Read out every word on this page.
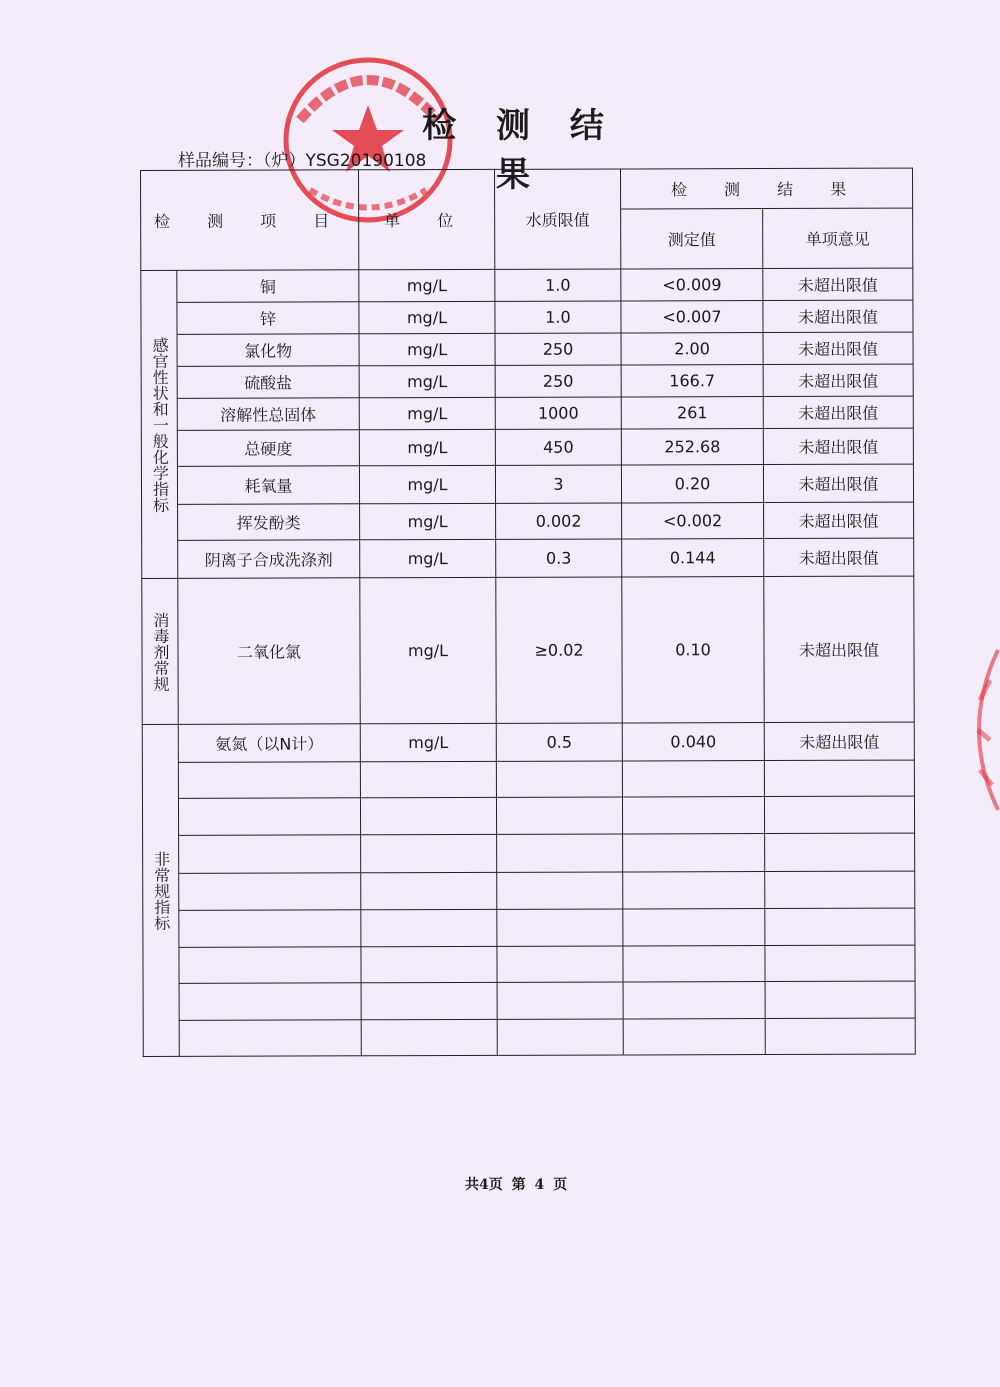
检 测 结 果
样品编号：（炉）YSG20190108
检 测 项 目		单 位	水质限值	检 测 结 果	
				测定值	单项意见
感官性状和一般化学指标	铜	mg/L	1.0	<0.009	未超出限值
	锌	mg/L	1.0	<0.007	未超出限值
	氯化物	mg/L	250	2.00	未超出限值
	硫酸盐	mg/L	250	166.7	未超出限值
	溶解性总固体	mg/L	1000	261	未超出限值
	总硬度	mg/L	450	252.68	未超出限值
	耗氧量	mg/L	3	0.20	未超出限值
	挥发酚类	mg/L	0.002	<0.002	未超出限值
	阴离子合成洗涤剂	mg/L	0.3	0.144	未超出限值
消毒剂常规	二氧化氯	mg/L	≥0.02	0.10	未超出限值
非常规指标	氨氮（以N计）	mg/L	0.5	0.040	未超出限值

共4页 第 4 页
